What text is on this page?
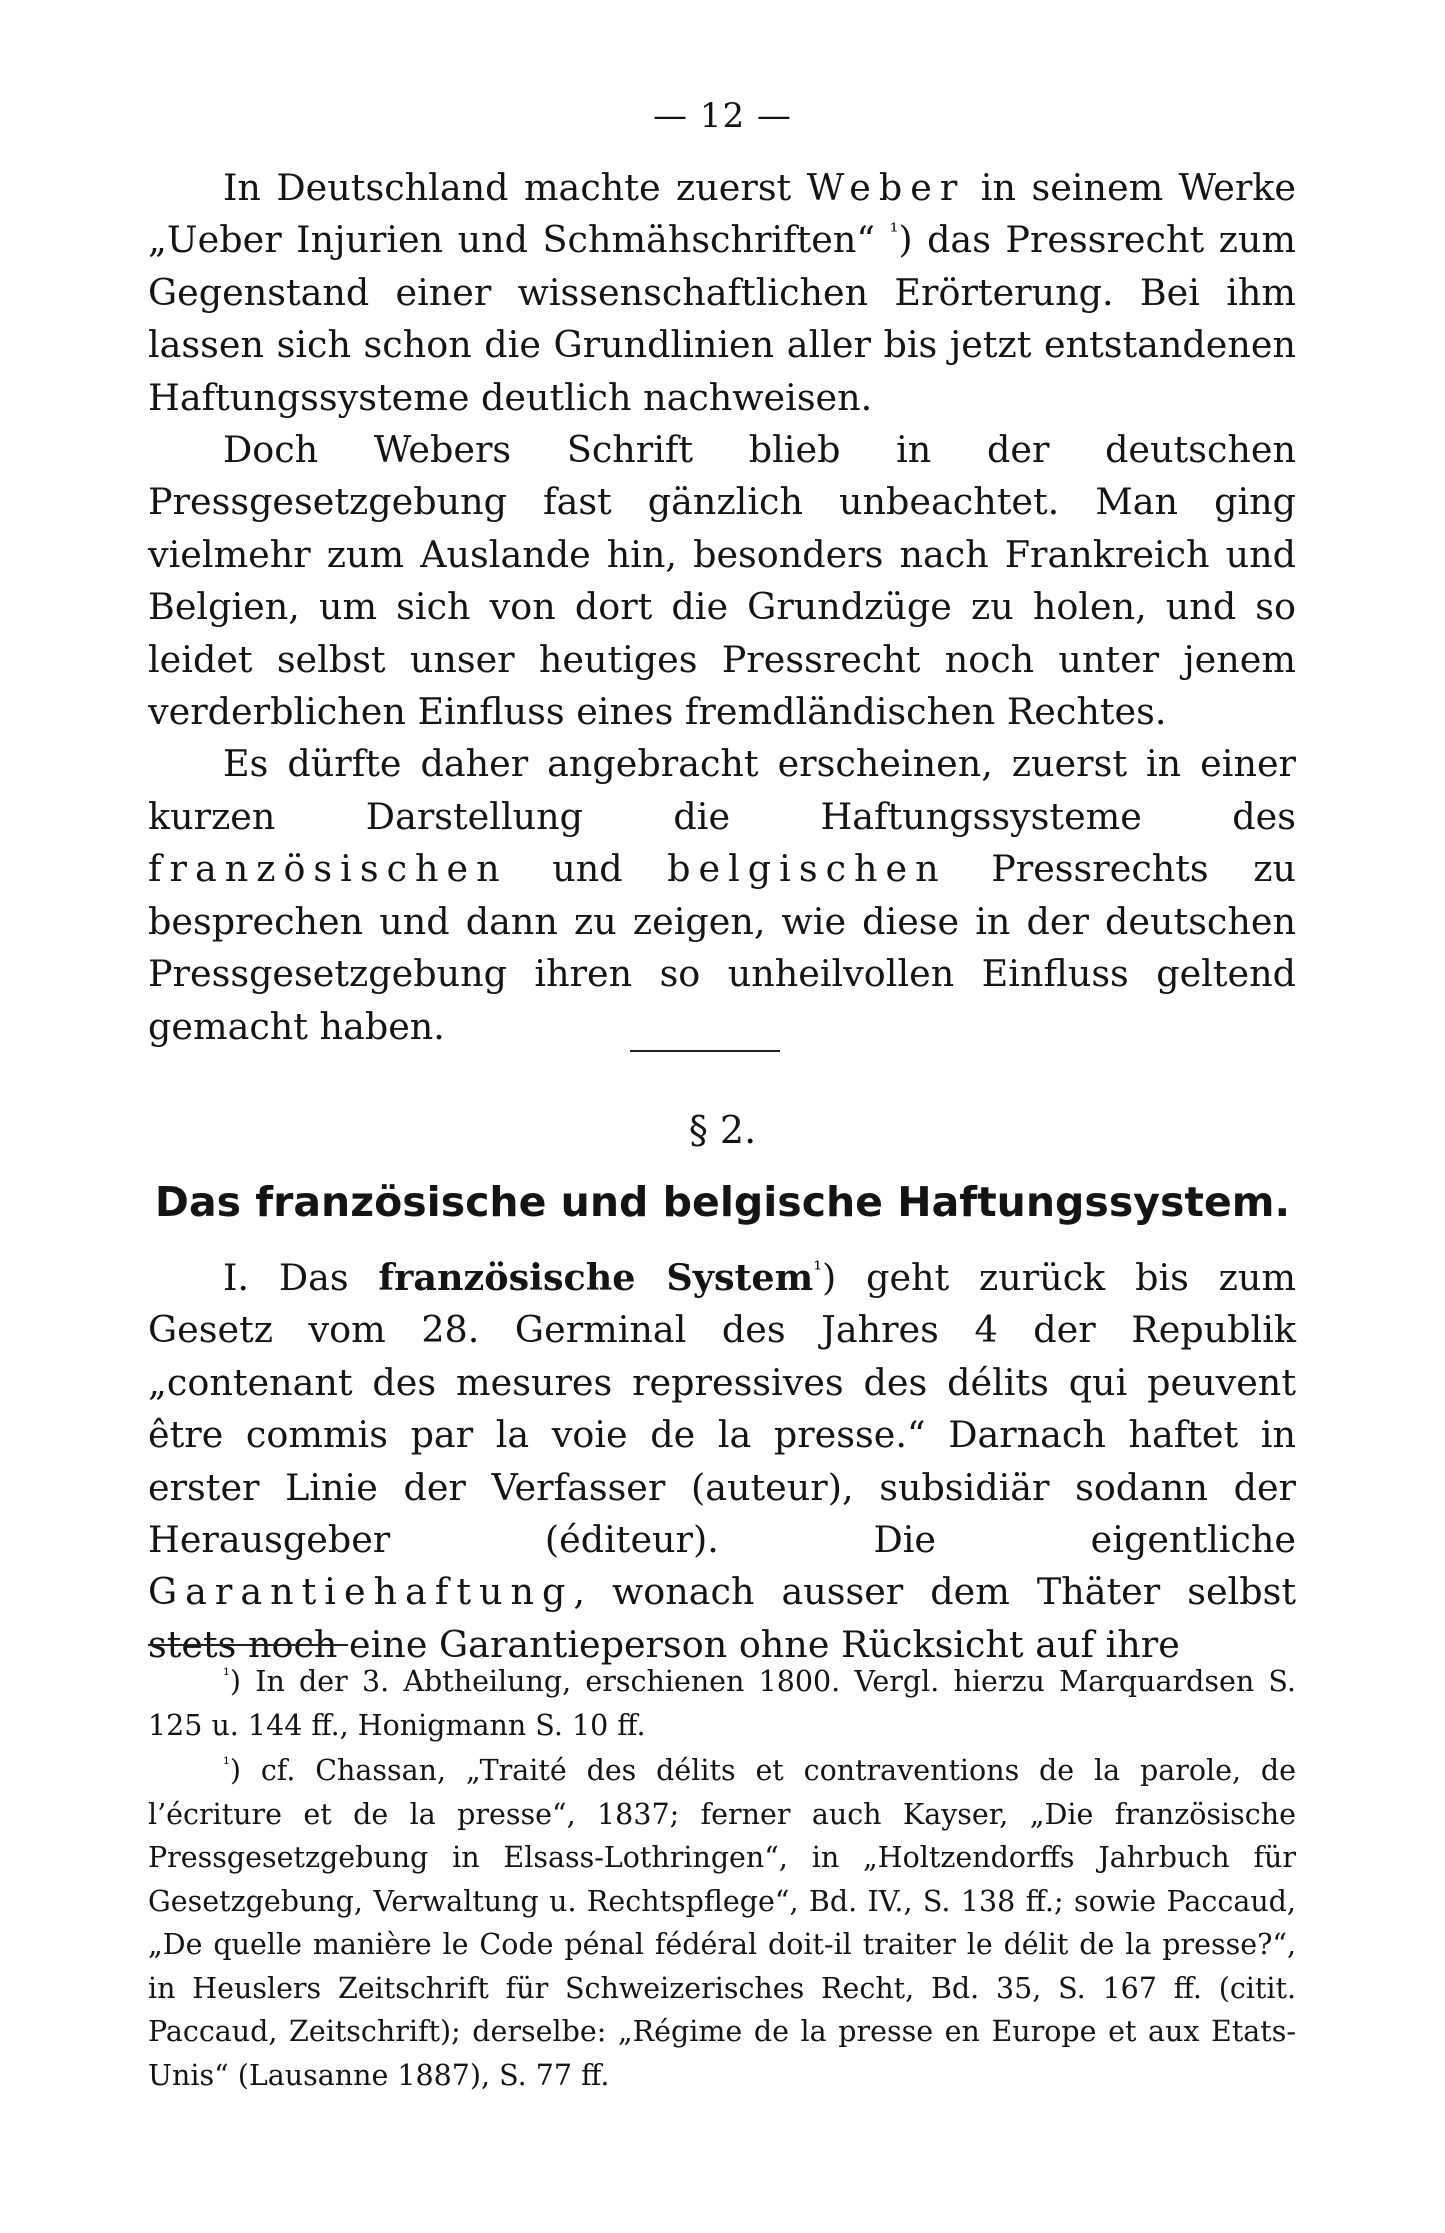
— 12 —

In Deutschland machte zuerst Weber in seinem Werke „Ueber Injurien und Schmähschriften“ $^{^1}$) das Pressrecht zum Gegenstand einer wissenschaftlichen Erörterung. Bei ihm lassen sich schon die Grundlinien aller bis jetzt entstandenen Haftungssysteme deutlich nachweisen.

Doch Webers Schrift blieb in der deutschen Pressgesetzgebung fast gänzlich unbeachtet. Man ging vielmehr zum Auslande hin, besonders nach Frankreich und Belgien, um sich von dort die Grundzüge zu holen, und so leidet selbst unser heutiges Pressrecht noch unter jenem verderblichen Einfluss eines fremdländischen Rechtes.

Es dürfte daher angebracht erscheinen, zuerst in einer kurzen Darstellung die Haftungssysteme des französischen und belgischen Pressrechts zu besprechen und dann zu zeigen, wie diese in der deutschen Pressgesetzgebung ihren so unheilvollen Einfluss geltend gemacht haben.

§ 2.
Das französische und belgische Haftungssystem.

I. Das französische System$^{^1}$) geht zurück bis zum Gesetz vom 28. Germinal des Jahres 4 der Republik „contenant des mesures repressives des délits qui peuvent être commis par la voie de la presse.“ Darnach haftet in erster Linie der Verfasser (auteur), subsidiär sodann der Herausgeber (éditeur). Die eigentliche Garantiehaftung, wonach ausser dem Thäter selbst stets noch eine Garantieperson ohne Rücksicht auf ihre

$^{^1}$) In der 3. Abtheilung, erschienen 1800. Vergl. hierzu Marquardsen S. 125 u. 144 ff., Honigmann S. 10 ff.

$^{^1}$) cf. Chassan, „Traité des délits et contraventions de la parole, de l’écriture et de la presse“, 1837; ferner auch Kayser, „Die französische Pressgesetzgebung in Elsass-Lothringen“, in „Holtzendorffs Jahrbuch für Gesetzgebung, Verwaltung u. Rechtspflege“, Bd. IV., S. 138 ff.; sowie Paccaud, „De quelle manière le Code pénal fédéral doit-il traiter le délit de la presse?“, in Heuslers Zeitschrift für Schweizerisches Recht, Bd. 35, S. 167 ff. (citit. Paccaud, Zeitschrift); derselbe: „Régime de la presse en Europe et aux Etats-Unis“ (Lausanne 1887), S. 77 ff.
